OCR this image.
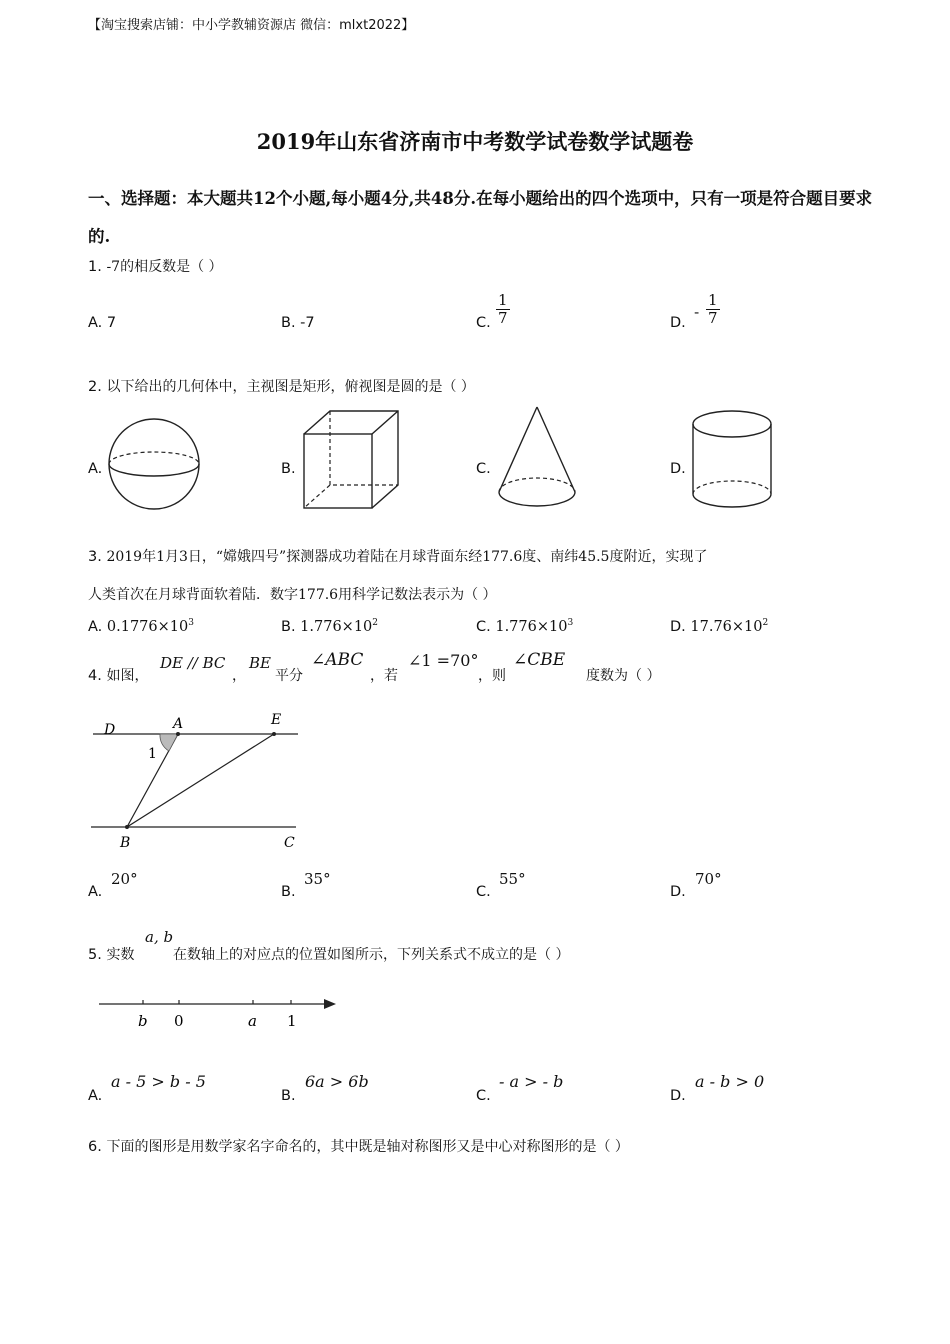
【淘宝搜索店铺：中小学教辅资源店 微信：mlxt2022】
2019年山东省济南市中考数学试卷数学试题卷
一、选择题：本大题共12个小题,每小题4分,共48分.在每小题给出的四个选项中，只有一项是符合题目要求的.
1. -7的相反数是（ ）
A. 7	B. -7	C. $\frac{1}{7}$	D.
- $\frac{1}{7}$
2. 以下给出的几何体中，主视图是矩形，俯视图是圆的是（ ）
A.	B.	C.	D.
3. 2019年1月3日，“嫦娥四号”探测器成功着陆在月球背面东经177.6度、南纬45.5度附近，实现了
人类首次在月球背面软着陆．数字177.6用科学记数法表示为（ ）
A. $0.1776\times 10^3$	B. $1.776\times 10^2$	C. $1.776\times 10^3$	D. $17.76\times 10^2$
4. 如图，
DE // BC
，
BE
平分
∠ABC
，若
∠1 =70°
，则
∠CBE
度数为（ ）
D	A	E
1
B	C
A.
20°
B.
35°
C.
55°
D.
70°
5. 实数
a, b
在数轴上的对应点的位置如图所示，下列关系式不成立的是（ ）
b 0	a 1
A.
a - 5 > b - 5
B.
6a > 6b
C.
- a > - b
D.
a - b > 0
6. 下面的图形是用数学家名字命名的，其中既是轴对称图形又是中心对称图形的是（ ）
